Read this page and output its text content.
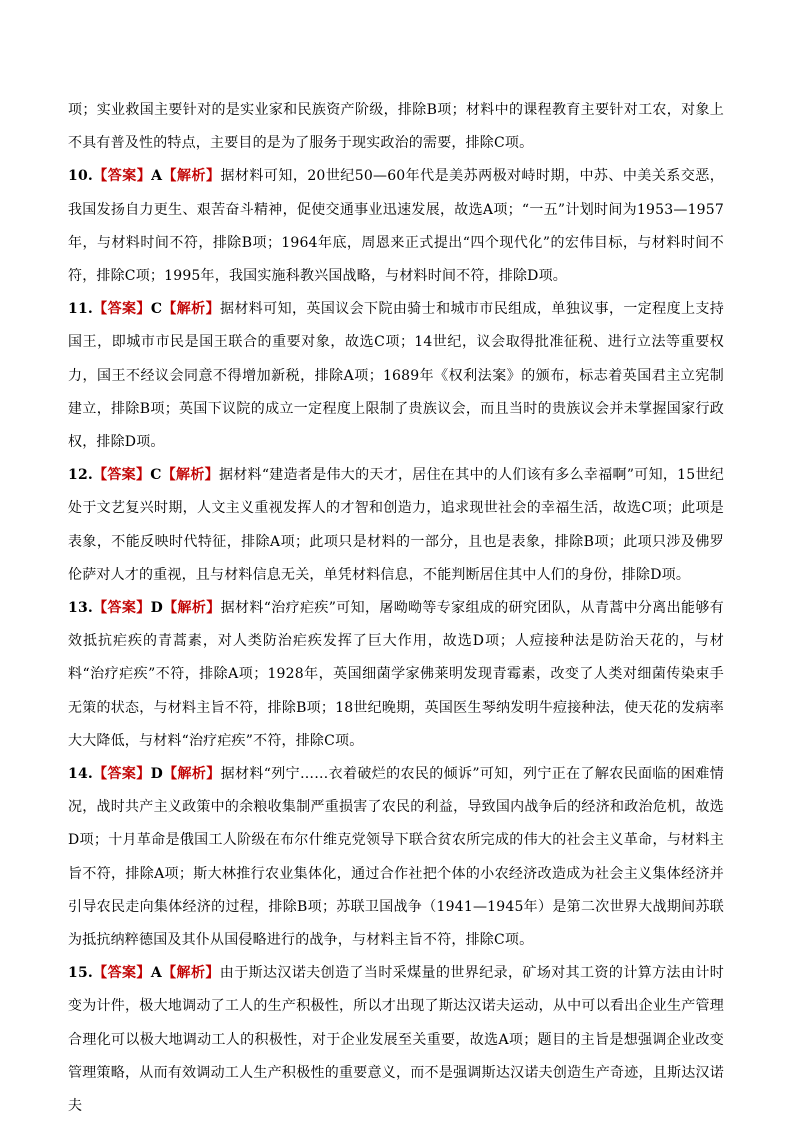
项；实业救国主要针对的是实业家和民族资产阶级，排除B项；材料中的课程教育主要针对工农，对象上不具有普及性的特点，主要目的是为了服务于现实政治的需要，排除C项。

10.【答案】A【解析】据材料可知，20世纪50—60年代是美苏两极对峙时期，中苏、中美关系交恶，我国发扬自力更生、艰苦奋斗精神，促使交通事业迅速发展，故选A项；“一五”计划时间为1953—1957年，与材料时间不符，排除B项；1964年底，周恩来正式提出“四个现代化”的宏伟目标，与材料时间不符，排除C项；1995年，我国实施科教兴国战略，与材料时间不符，排除D项。

11.【答案】C【解析】据材料可知，英国议会下院由骑士和城市市民组成，单独议事，一定程度上支持国王，即城市市民是国王联合的重要对象，故选C项；14世纪，议会取得批准征税、进行立法等重要权力，国王不经议会同意不得增加新税，排除A项；1689年《权利法案》的颁布，标志着英国君主立宪制建立，排除B项；英国下议院的成立一定程度上限制了贵族议会，而且当时的贵族议会并未掌握国家行政权，排除D项。

12.【答案】C【解析】据材料“建造者是伟大的天才，居住在其中的人们该有多么幸福啊”可知，15世纪处于文艺复兴时期，人文主义重视发挥人的才智和创造力，追求现世社会的幸福生活，故选C项；此项是表象，不能反映时代特征，排除A项；此项只是材料的一部分，且也是表象，排除B项；此项只涉及佛罗伦萨对人才的重视，且与材料信息无关，单凭材料信息，不能判断居住其中人们的身份，排除D项。

13.【答案】D【解析】据材料“治疗疟疾”可知，屠呦呦等专家组成的研究团队，从青蒿中分离出能够有效抵抗疟疾的青蒿素，对人类防治疟疾发挥了巨大作用，故选D项；人痘接种法是防治天花的，与材料“治疗疟疾”不符，排除A项；1928年，英国细菌学家佛莱明发现青霉素，改变了人类对细菌传染束手无策的状态，与材料主旨不符，排除B项；18世纪晚期，英国医生琴纳发明牛痘接种法，使天花的发病率大大降低，与材料“治疗疟疾”不符，排除C项。

14.【答案】D【解析】据材料“列宁……衣着破烂的农民的倾诉”可知，列宁正在了解农民面临的困难情况，战时共产主义政策中的余粮收集制严重损害了农民的利益，导致国内战争后的经济和政治危机，故选D项；十月革命是俄国工人阶级在布尔什维克党领导下联合贫农所完成的伟大的社会主义革命，与材料主旨不符，排除A项；斯大林推行农业集体化，通过合作社把个体的小农经济改造成为社会主义集体经济并引导农民走向集体经济的过程，排除B项；苏联卫国战争（1941—1945年）是第二次世界大战期间苏联为抵抗纳粹德国及其仆从国侵略进行的战争，与材料主旨不符，排除C项。

15.【答案】A【解析】由于斯达汉诺夫创造了当时采煤量的世界纪录，矿场对其工资的计算方法由计时变为计件，极大地调动了工人的生产积极性，所以才出现了斯达汉诺夫运动，从中可以看出企业生产管理合理化可以极大地调动工人的积极性，对于企业发展至关重要，故选A项；题目的主旨是想强调企业改变管理策略，从而有效调动工人生产积极性的重要意义，而不是强调斯达汉诺夫创造生产奇迹，且斯达汉诺夫
